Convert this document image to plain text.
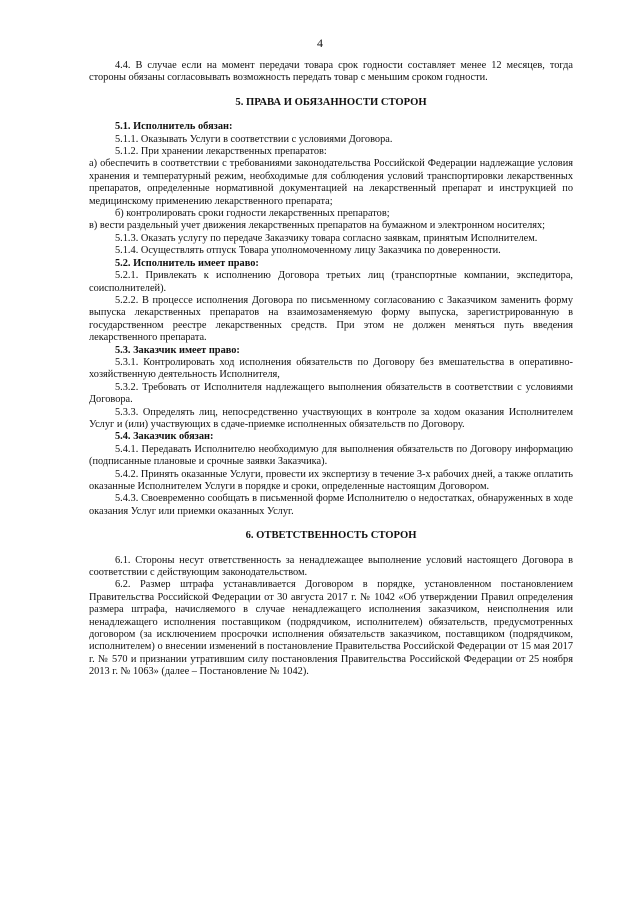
4

4.4. В случае если на момент передачи товара срок годности составляет менее 12 месяцев, тогда стороны обязаны согласовывать возможность передать товар с меньшим сроком годности.

5. ПРАВА И ОБЯЗАННОСТИ СТОРОН

5.1. Исполнитель обязан:

5.1.1. Оказывать Услуги в соответствии с условиями Договора.

5.1.2. При хранении лекарственных препаратов:

а) обеспечить в соответствии с требованиями законодательства Российской Федерации надлежащие условия хранения и температурный режим, необходимые для соблюдения условий транспортировки лекарственных препаратов, определенные нормативной документацией на лекарственный препарат и инструкцией по медицинскому применению лекарственного препарата;

б) контролировать сроки годности лекарственных препаратов;

в) вести раздельный учет движения лекарственных препаратов на бумажном и электронном носителях;

5.1.3. Оказать услугу по передаче Заказчику товара согласно заявкам, принятым Исполнителем.

5.1.4. Осуществлять отпуск Товара уполномоченному лицу Заказчика по доверенности.

5.2. Исполнитель имеет право:

5.2.1. Привлекать к исполнению Договора третьих лиц (транспортные компании, экспедитора, соисполнителей).

5.2.2. В процессе исполнения Договора по письменному согласованию с Заказчиком заменить форму выпуска лекарственных препаратов на взаимозаменяемую форму выпуска, зарегистрированную в государственном реестре лекарственных средств. При этом не должен меняться путь введения лекарственного препарата.

5.3. Заказчик имеет право:

5.3.1. Контролировать ход исполнения обязательств по Договору без вмешательства в оперативно-хозяйственную деятельность Исполнителя,

5.3.2. Требовать от Исполнителя надлежащего выполнения обязательств в соответствии с условиями Договора.

5.3.3. Определять лиц, непосредственно участвующих в контроле за ходом оказания Исполнителем Услуг и (или) участвующих в сдаче-приемке исполненных обязательств по Договору.

5.4. Заказчик обязан:

5.4.1. Передавать Исполнителю необходимую для выполнения обязательств по Договору информацию (подписанные плановые и срочные заявки Заказчика).

5.4.2. Принять оказанные Услуги, провести их экспертизу в течение 3-х рабочих дней, а также оплатить оказанные Исполнителем Услуги в порядке и сроки, определенные настоящим Договором.

5.4.3. Своевременно сообщать в письменной форме Исполнителю о недостатках, обнаруженных в ходе оказания Услуг или приемки оказанных Услуг.

6. ОТВЕТСТВЕННОСТЬ СТОРОН

6.1. Стороны несут ответственность за ненадлежащее выполнение условий настоящего Договора в соответствии с действующим законодательством.

6.2. Размер штрафа устанавливается Договором в порядке, установленном постановлением Правительства Российской Федерации от 30 августа 2017 г. № 1042 «Об утверждении Правил определения размера штрафа, начисляемого в случае ненадлежащего исполнения заказчиком, неисполнения или ненадлежащего исполнения поставщиком (подрядчиком, исполнителем) обязательств, предусмотренных договором (за исключением просрочки исполнения обязательств заказчиком, поставщиком (подрядчиком, исполнителем) о внесении изменений в постановление Правительства Российской Федерации от 15 мая 2017 г. № 570 и признании утратившим силу постановления Правительства Российской Федерации от 25 ноября 2013 г. № 1063» (далее – Постановление № 1042).
